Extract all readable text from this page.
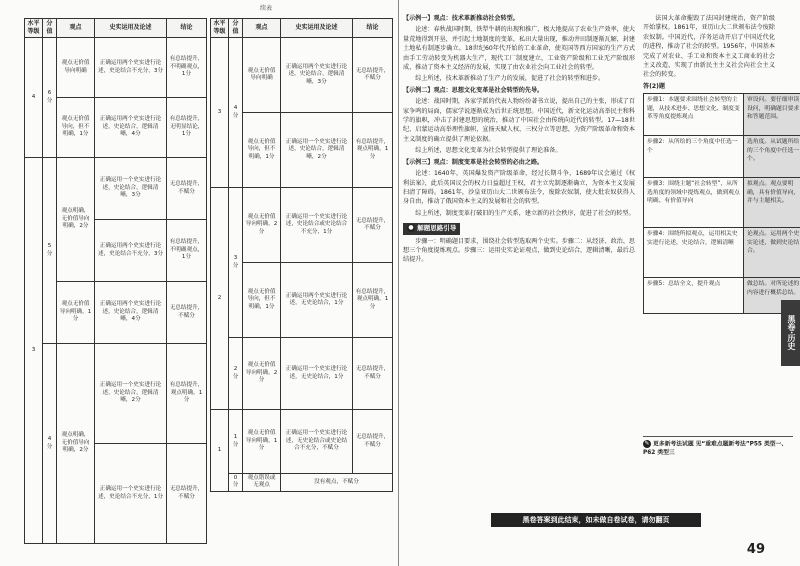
续表
水平等级	分值	观点	史实运用及论述	结论
4	6分	观点无价值导向明确	正确运用两个史实进行论述，史论结合不充分，3分	有总结提升，不明确观点，1分
		观点无价值导向，但不明确，1分	正确运用两个史实进行论述，史论结合，逻辑清晰，4分	有总结提升，无明显结论，1分
3	5分	观点明确，无价值导向明确，2分	正确运用一个史实进行论述，史论结合，逻辑清晰，3分	无总结提升，不赋分
			正确运用两个史实进行论述，史论结合不充分，3分	有总结提升，不明确观点，1分
		观点无价值导向明确，1分	正确运用两个史实进行论述，史论结合，逻辑清晰，4分	无总结提升，不赋分
	4分	观点明确，无价值导向明确，2分	正确运用一个史实进行论述，史论结合，逻辑清晰，2分	有总结提升，观点明确，1分
			正确运用一个史实进行论述，史论结合不充分，1分	无总结提升，不赋分
水平等级	分值	观点	史实运用及论述	结论
3	4分	观点无价值导向明确	正确运用两个史实进行论述，史论结合，逻辑清晰，3分	无总结提升，不赋分
		观点无价值导向，但不明确，1分	正确运用一个史实进行论述，史论结合，逻辑清晰，2分	有总结提升，观点明确，1分
2	3分	观点无价值导向明确，2分	正确运用一个史实进行论述，史论结合或史论结合不充分，1分	无总结提升，不赋分
		观点无价值导向，但不明确，1分	正确运用两个史实进行论述，无史论结合，1分	有总结提升，观点明确，1分
	2分	观点无价值导向明确，2分	正确运用一个史实进行论述，无史论结合，1分	无总结提升，不赋分
1	1分	观点无价值导向明确，1分	正确运用一个史实进行论述，无史论结合或史论结合不充分，不赋分	无总结提升，不赋分
	0分	观点错误或无观点	没有观点，不赋分	

【示例一】观点：技术革新推动社会转型。

论述：春秋战国时期，铁犁牛耕的出现和推广，极大地提高了农业生产效率，使大量荒地得到开垦，并引起土地制度的变革，私田大量出现，推动井田制逐渐瓦解，封建土地私有制逐步确立。18世纪60年代开始的工业革命，使英国等西方国家的生产方式由手工劳动转变为机器大生产，现代工厂制度建立，工业资产阶级和工业无产阶级形成，推动了资本主义经济的发展，实现了由农业社会向工业社会的转型。

综上所述，技术革新推动了生产力的发展，促进了社会的转型和进步。

【示例二】观点：思想文化变革是社会转型的先导。

论述：战国时期，各家学派的代表人物纷纷著书立说，提出自己的主张，形成了百家争鸣的局面，儒家学说逐渐成为后世正统思想。中国近代，新文化运动高举民主和科学的旗帜，冲击了封建思想的统治，推动了中国社会由传统向近代的转型。17—18世纪，启蒙运动高举理性旗帜，宣扬天赋人权、三权分立等思想，为资产阶级革命和资本主义制度的确立提供了理论依据。

综上所述，思想文化变革为社会转型提供了理论准备。

【示例三】观点：制度变革是社会转型的必由之路。

论述：1640年，英国爆发资产阶级革命，经过长期斗争，1689年议会通过《权利法案》，此后英国议会的权力日益超过王权，君主立宪制逐渐确立，为资本主义发展扫清了障碍。1861年，沙皇亚历山大二世颁布法令，废除农奴制，使大批农奴获得人身自由，推动了俄国资本主义的发展和社会的转型。

综上所述，制度变革打破旧的生产关系，建立新的社会秩序，促进了社会的转型。

● 解题思路引导

步骤一：明确题目要求，围绕社会转型选取两个史实。步骤二：从经济、政治、思想三个角度提炼观点。步骤三：运用史实论证观点，做到史论结合，逻辑清晰，最后总结提升。

法国大革命摧毁了法国封建统治，资产阶级开始掌权。1861年，亚历山大二世颁布法令废除农奴制。中国近代，洋务运动开启了中国近代化的进程，推动了社会的转型。1956年，中国基本完成了对农业、手工业和资本主义工商业的社会主义改造，实现了由新民主主义社会向社会主义社会的转变。

答(2)题

步骤1：本题要求围绕社会转型的主题，从技术进步、思想文化、制度变革等角度提炼观点	审设问。要仔细审读设问，明确题目要求和答题范围。
步骤2：从所给的三个角度中任选一个	选角度。从试题所给的三个角度中任选一个。
步骤3：围绕主题“社会转型”，从所选角度的领域中提炼观点，做到观点明确、有价值导向	拟观点。观点要明确，具有价值导向，并与主题相关。
步骤4：围绕所拟观点，运用相关史实进行论述，史论结合，逻辑清晰	论观点。运用两个史实论述，做到史论结合。
步骤5：总结全文，提升观点	做总结。对所论述的内容进行概括总结。
黑卷·历史
✎ 更多新考法试题 见“重难点题新考法”P55 类型一、P62 类型三
黑卷答案到此结束，如未做自卷试卷，请勿翻页
49
